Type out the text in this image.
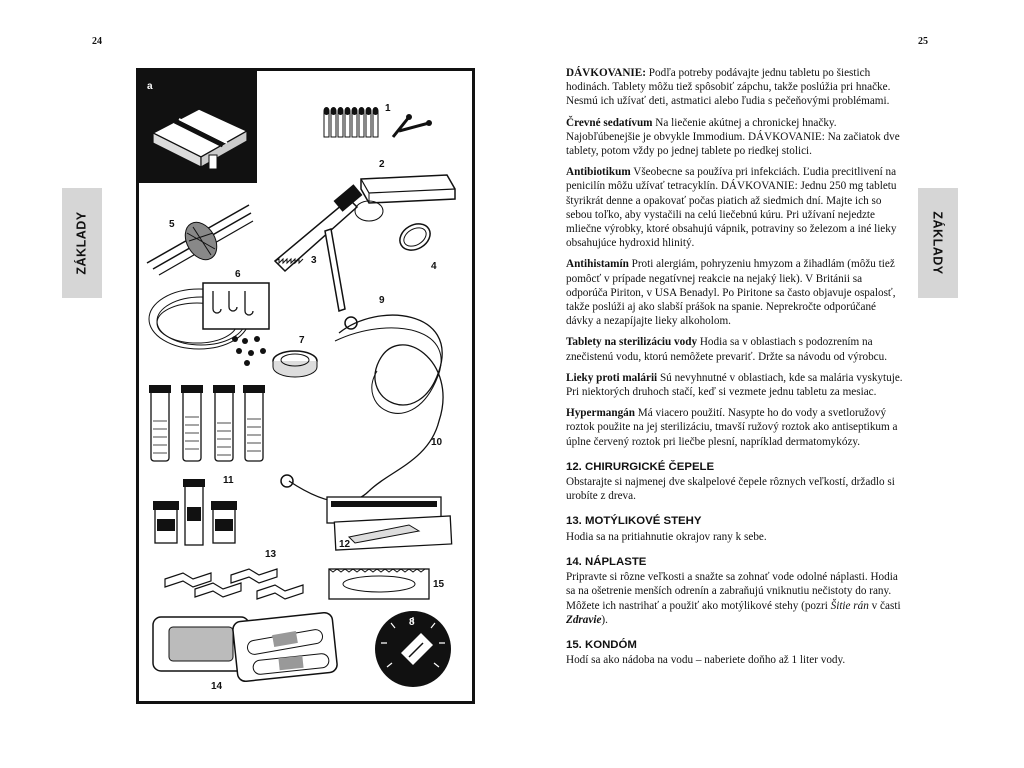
24	25
ZÁKLADY	ZÁKLADY
a
1
2
5
3
4
6
7
9
10
11
12
13
15
14
8

DÁVKOVANIE: Podľa potreby podávajte jednu tabletu po šiestich hodinách. Tablety môžu tiež spôsobiť zápchu, takže poslúžia pri hnačke. Nesmú ich užívať deti, astmatici alebo ľudia s pečeňovými problémami.

Črevné sedatívum Na liečenie akútnej a chronickej hnačky. Najobľúbenejšie je obvykle Immodium. DÁVKOVANIE: Na začiatok dve tablety, potom vždy po jednej tablete po riedkej stolici.

Antibiotikum Všeobecne sa používa pri infekciách. Ľudia precitlivení na penicilín môžu užívať tetracyklín. DÁVKOVANIE: Jednu 250 mg tabletu štyrikrát denne a opakovať počas piatich až siedmich dní. Majte ich so sebou toľko, aby vystačili na celú liečebnú kúru. Pri užívaní nejedzte mliečne výrobky, ktoré obsahujú vápnik, potraviny so železom a iné lieky obsahujúce hydroxid hlinitý.

Antihistamín Proti alergiám, pohryzeniu hmyzom a žihadlám (môžu tiež pomôcť v prípade negatívnej reakcie na nejaký liek). V Británii sa odporúča Piriton, v USA Benadyl. Po Piritone sa často objavuje ospalosť, takže poslúži aj ako slabší prášok na spanie. Neprekročte odporúčané dávky a nezapíjajte lieky alkoholom.

Tablety na sterilizáciu vody Hodia sa v oblastiach s podozrením na znečistenú vodu, ktorú nemôžete prevariť. Držte sa návodu od výrobcu.

Lieky proti malárii Sú nevyhnutné v oblastiach, kde sa malária vyskytuje. Pri niektorých druhoch stačí, keď si vezmete jednu tabletu za mesiac.

Hypermangán Má viacero použití. Nasypte ho do vody a svetloružový roztok použite na jej sterilizáciu, tmavší ružový roztok ako antiseptikum a úplne červený roztok pri liečbe plesní, napríklad dermatomykózy.

12. CHIRURGICKÉ ČEPELE

Obstarajte si najmenej dve skalpelové čepele rôznych veľkostí, držadlo si urobíte z dreva.

13. MOTÝLIKOVÉ STEHY

Hodia sa na pritiahnutie okrajov rany k sebe.

14. NÁPLASTE

Pripravte si rôzne veľkosti a snažte sa zohnať vode odolné náplasti. Hodia sa na ošetrenie menších odrenín a zabraňujú vniknutiu nečistoty do rany. Môžete ich nastrihať a použiť ako motýlikové stehy (pozri Šitie rán v časti Zdravie).

15. KONDÓM

Hodí sa ako nádoba na vodu – naberiete doňho až 1 liter vody.
